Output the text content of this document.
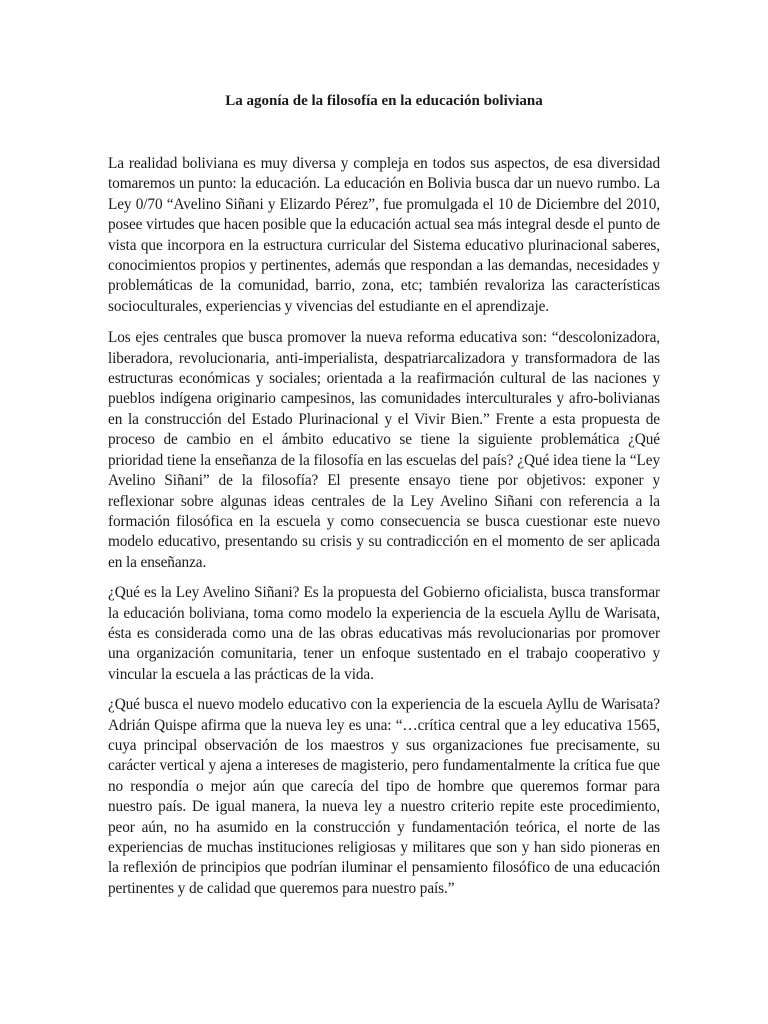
La agonía de la filosofía en la educación boliviana

La realidad boliviana es muy diversa y compleja en todos sus aspectos, de esa diversidad tomaremos un punto: la educación. La educación en Bolivia busca dar un nuevo rumbo. La Ley 0/70 “Avelino Siñani y Elizardo Pérez”, fue promulgada el 10 de Diciembre del 2010, posee virtudes que hacen posible que la educación actual sea más integral desde el punto de vista que incorpora en la estructura curricular del Sistema educativo plurinacional saberes, conocimientos propios y pertinentes, además que respondan a las demandas, necesidades y problemáticas de la comunidad, barrio, zona, etc; también revaloriza las características socioculturales, experiencias y vivencias del estudiante en el aprendizaje.

Los ejes centrales que busca promover la nueva reforma educativa son: “descolonizadora, liberadora, revolucionaria, anti-imperialista, despatriarcalizadora y transformadora de las estructuras económicas y sociales; orientada a la reafirmación cultural de las naciones y pueblos indígena originario campesinos, las comunidades interculturales y afro-bolivianas en la construcción del Estado Plurinacional y el Vivir Bien.” Frente a esta propuesta de proceso de cambio en el ámbito educativo se tiene la siguiente problemática ¿Qué prioridad tiene la enseñanza de la filosofía en las escuelas del país? ¿Qué idea tiene la “Ley Avelino Siñani” de la filosofía? El presente ensayo tiene por objetivos: exponer y reflexionar sobre algunas ideas centrales de la Ley Avelino Siñani con referencia a la formación filosófica en la escuela y como consecuencia se busca cuestionar este nuevo modelo educativo, presentando su crisis y su contradicción en el momento de ser aplicada en la enseñanza.

¿Qué es la Ley Avelino Siñani? Es la propuesta del Gobierno oficialista, busca transformar la educación boliviana, toma como modelo la experiencia de la escuela Ayllu de Warisata, ésta es considerada como una de las obras educativas más revolucionarias por promover una organización comunitaria, tener un enfoque sustentado en el trabajo cooperativo y vincular la escuela a las prácticas de la vida.

¿Qué busca el nuevo modelo educativo con la experiencia de la escuela Ayllu de Warisata? Adrián Quispe afirma que la nueva ley es una: “…crítica central que a ley educativa 1565, cuya principal observación de los maestros y sus organizaciones fue precisamente, su carácter vertical y ajena a intereses de magisterio, pero fundamentalmente la crítica fue que no respondía o mejor aún que carecía del tipo de hombre que queremos formar para nuestro país. De igual manera, la nueva ley a nuestro criterio repite este procedimiento, peor aún, no ha asumido en la construcción y fundamentación teórica, el norte de las experiencias de muchas instituciones religiosas y militares que son y han sido pioneras en la reflexión de principios que podrían iluminar el pensamiento filosófico de una educación pertinentes y de calidad que queremos para nuestro país.”
